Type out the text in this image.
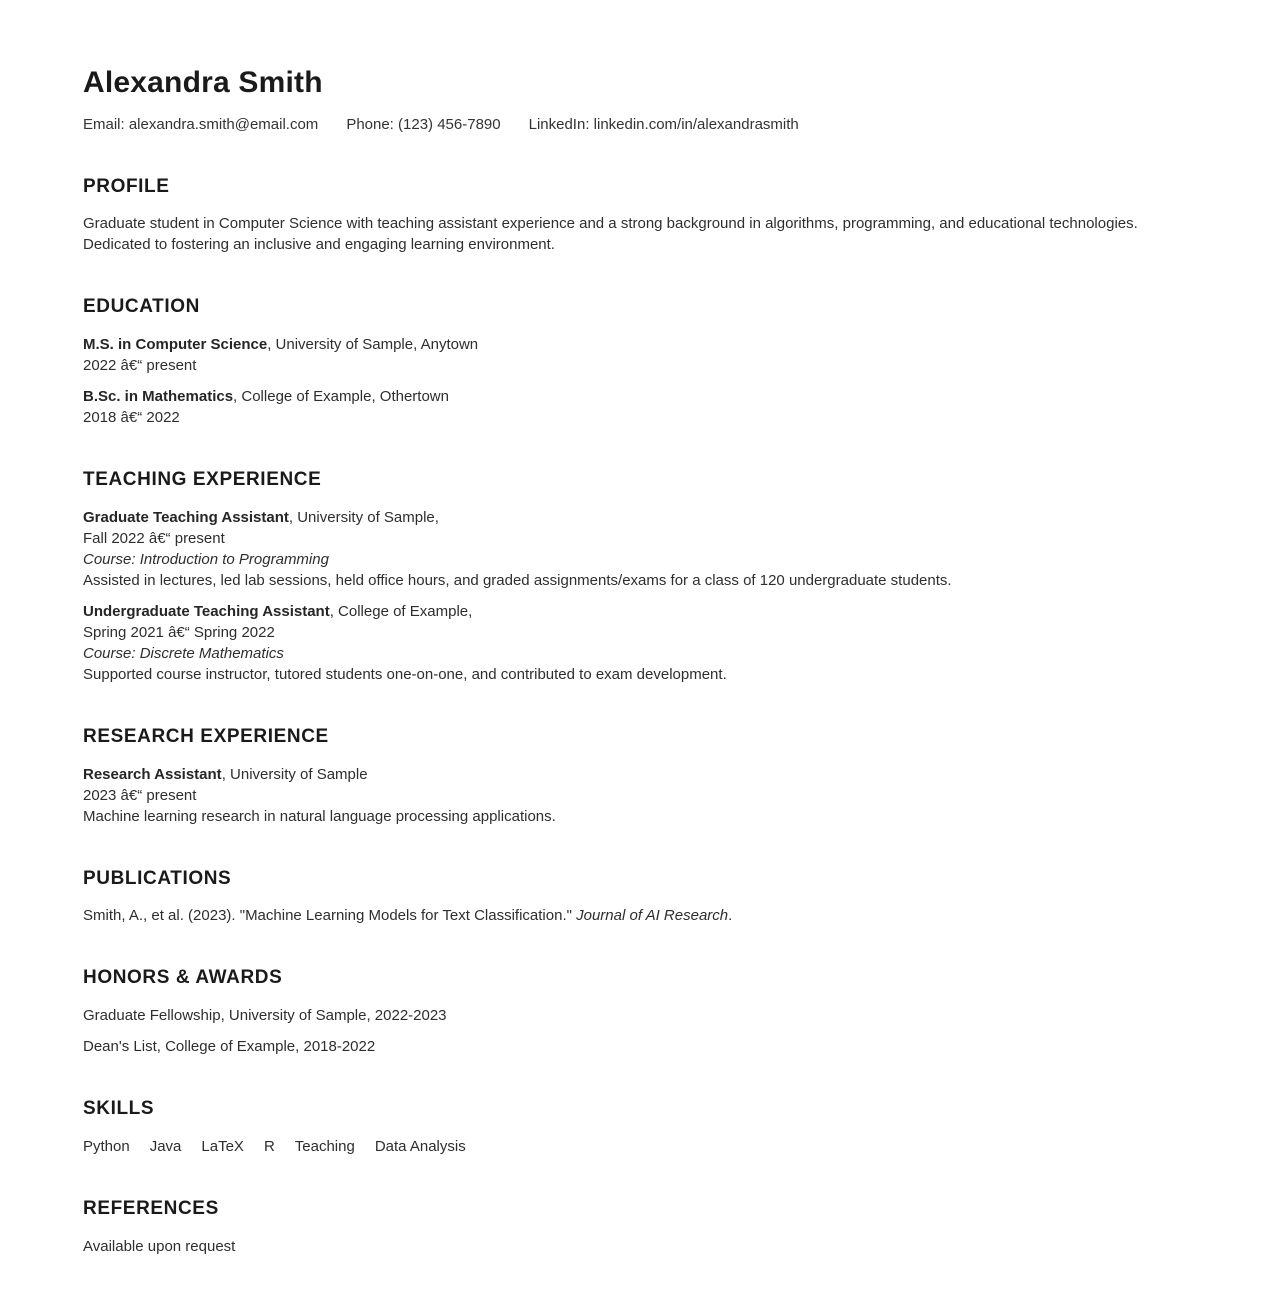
Alexandra Smith
Email: alexandra.smith@email.com Phone: (123) 456-7890 LinkedIn: linkedin.com/in/alexandrasmith
PROFILE

Graduate student in Computer Science with teaching assistant experience and a strong background in algorithms, programming, and educational technologies. Dedicated to fostering an inclusive and engaging learning environment.

EDUCATION

M.S. in Computer Science, University of Sample, Anytown
2022 â€“ present

B.Sc. in Mathematics, College of Example, Othertown
2018 â€“ 2022

TEACHING EXPERIENCE

Graduate Teaching Assistant, University of Sample,
Fall 2022 â€“ present
Course: Introduction to Programming
Assisted in lectures, led lab sessions, held office hours, and graded assignments/exams for a class of 120 undergraduate students.

Undergraduate Teaching Assistant, College of Example,
Spring 2021 â€“ Spring 2022
Course: Discrete Mathematics
Supported course instructor, tutored students one-on-one, and contributed to exam development.

RESEARCH EXPERIENCE

Research Assistant, University of Sample
2023 â€“ present
Machine learning research in natural language processing applications.

PUBLICATIONS

Smith, A., et al. (2023). "Machine Learning Models for Text Classification." Journal of AI Research.

HONORS & AWARDS

Graduate Fellowship, University of Sample, 2022-2023

Dean's List, College of Example, 2018-2022

SKILLS
Python Java LaTeX R Teaching Data Analysis
REFERENCES

Available upon request
